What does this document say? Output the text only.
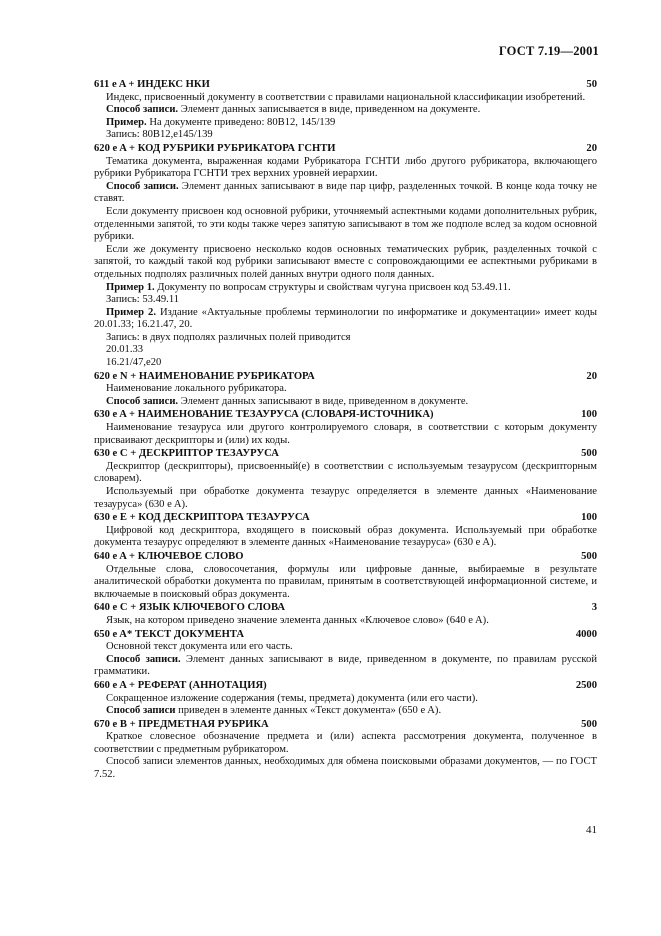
ГОСТ 7.19—2001
611 e A + ИНДЕКС НКИ	50

Индекс, присвоенный документу в соответствии с правилами национальной классификации изобретений.

Способ записи. Элемент данных записывается в виде, приведенном на документе.

Пример. На документе приведено: 80B12, 145/139

Запись: 80B12,e145/139

620 e A + КОД РУБРИКИ РУБРИКАТОРА ГСНТИ	20

Тематика документа, выраженная кодами Рубрикатора ГСНТИ либо другого рубрикатора, включающего рубрики Рубрикатора ГСНТИ трех верхних уровней иерархии.

Способ записи. Элемент данных записывают в виде пар цифр, разделенных точкой. В конце кода точку не ставят.

Если документу присвоен код основной рубрики, уточняемый аспектными кодами дополнительных рубрик, отделенными запятой, то эти коды также через запятую записывают в том же подполе вслед за кодом основной рубрики.

Если же документу присвоено несколько кодов основных тематических рубрик, разделенных точкой с запятой, то каждый такой код рубрики записывают вместе с сопровождающими ее аспектными рубриками в отдельных подполях различных полей данных внутри одного поля данных.

Пример 1. Документу по вопросам структуры и свойствам чугуна присвоен код 53.49.11.

Запись: 53.49.11

Пример 2. Издание «Актуальные проблемы терминологии по информатике и документации» имеет коды 20.01.33; 16.21.47, 20.

Запись: в двух подполях различных полей приводится

20.01.33

16.21/47,e20

620 e N + НАИМЕНОВАНИЕ РУБРИКАТОРА	20

Наименование локального рубрикатора.

Способ записи. Элемент данных записывают в виде, приведенном в документе.

630 e A + НАИМЕНОВАНИЕ ТЕЗАУРУСА (СЛОВАРЯ-ИСТОЧНИКА)	100

Наименование тезауруса или другого контролируемого словаря, в соответствии с которым документу присваивают дескрипторы и (или) их коды.

630 e C + ДЕСКРИПТОР ТЕЗАУРУСА	500

Дескриптор (дескрипторы), присвоенный(е) в соответствии с используемым тезаурусом (дескрипторным словарем).

Используемый при обработке документа тезаурус определяется в элементе данных «Наименование тезауруса» (630 e A).

630 e E + КОД ДЕСКРИПТОРА ТЕЗАУРУСА	100

Цифровой код дескриптора, входящего в поисковый образ документа. Используемый при обработке документа тезаурус определяют в элементе данных «Наименование тезауруса» (630 e A).

640 e A + КЛЮЧЕВОЕ СЛОВО	500

Отдельные слова, словосочетания, формулы или цифровые данные, выбираемые в результате аналитической обработки документа по правилам, принятым в соответствующей информационной системе, и включаемые в поисковый образ документа.

640 e C + ЯЗЫК КЛЮЧЕВОГО СЛОВА	3

Язык, на котором приведено значение элемента данных «Ключевое слово» (640 e A).

650 e A* ТЕКСТ ДОКУМЕНТА	4000

Основной текст документа или его часть.

Способ записи. Элемент данных записывают в виде, приведенном в документе, по правилам русской грамматики.

660 e A + РЕФЕРАТ (АННОТАЦИЯ)	2500

Сокращенное изложение содержания (темы, предмета) документа (или его части).

Способ записи приведен в элементе данных «Текст документа» (650 e A).

670 e B + ПРЕДМЕТНАЯ РУБРИКА	500

Краткое словесное обозначение предмета и (или) аспекта рассмотрения документа, полученное в соответствии с предметным рубрикатором.

Способ записи элементов данных, необходимых для обмена поисковыми образами документов, — по ГОСТ 7.52.

41
